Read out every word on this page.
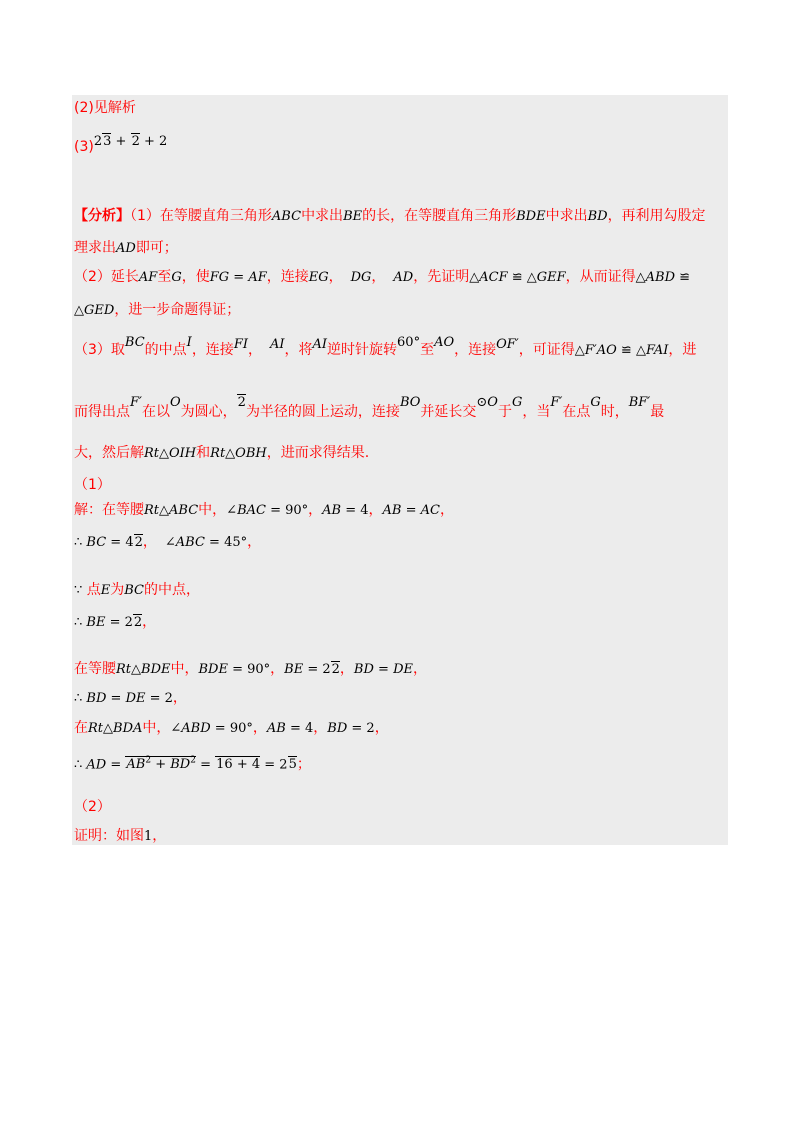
(2)见解析
(3)23 + 2 + 2
【分析】（1）在等腰直角三角形ABC中求出BE的长，在等腰直角三角形BDE中求出BD，再利用勾股定
理求出AD即可；
（2）延长AF至G，使FG = AF，连接EG， DG， AD，先证明△ACF ≌ △GEF，从而证得△ABD ≌
△GED，进一步命题得证；
（3）取BC的中点I，连接FI， AI，将AI逆时针旋转60°至AO，连接OF′，可证得△F′AO ≌ △FAI，进
而得出点F′在以O为圆心，2为半径的圆上运动，连接BO并延长交⊙O于G，当F′在点G时，BF′最
大，然后解Rt△OIH和Rt△OBH，进而求得结果.
（1）
解：在等腰Rt△ABC中，∠BAC = 90°，AB = 4，AB = AC，
∴ BC = 42， ∠ABC = 45°，
∵ 点E为BC的中点，
∴ BE = 22，
在等腰Rt△BDE中，BDE = 90°，BE = 22，BD = DE，
∴ BD = DE = 2，
在Rt△BDA中，∠ABD = 90°，AB = 4，BD = 2，
∴ AD = $AB^2 + BD^2 = 16 + 4 = 25$；
（2）
证明：如图1，
